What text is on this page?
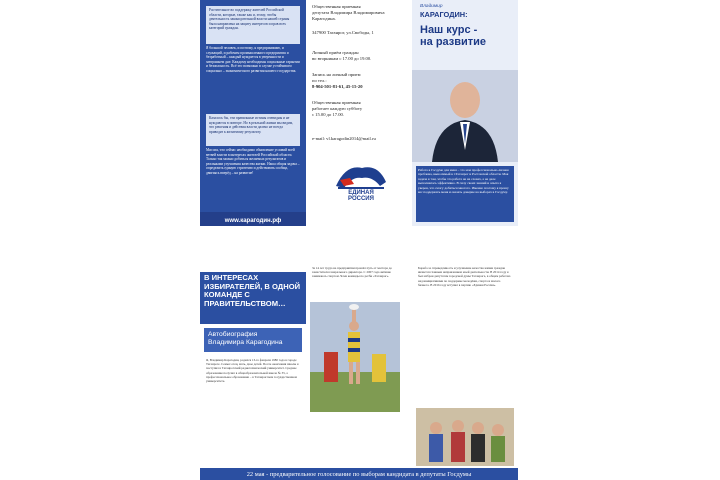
Растительное во поддержку жителей Российской области, которые, также как и, этому, чтобы деятельность законодательной власти нашей страны была направлена на защиту интересов и прав всех категорий граждан.
Я большой человек, и поэтому, я предпринимаю, и служащий, и рабочим промышленного предприятия и безработный – каждый нуждается в уверенности и завтрашнем дне. Каждому необходимы социальные гарантии и безопасность. Всё это возможно в случае устойчивого социально – экономического развития нашего государства.
Казалось бы, эти правильные истины очевидны и не нуждаются в повторе. Но в реальной жизни мы видим, что решения и действия власти далеко не всегда приводят к желаемому результату.
Миссия, что сейчас необходимо обновление условий всей ветвей власти в интересах жителей Российской области. Только так можно добиться желаемых результатов и реальными улучшения качества жизни. Наша общая задача – определить единую стратегию и действовать сообща, двигаясь вперёд – на развитие!
www.карагодин.рф
Общественная приемная
депутата Владимира Владимировича
Карагодина.
347900 Таганрог, ул.Свободы, 1
Личный приём граждан
во вторникам с 17.00 до 19.00.
Запись на личный прием
по тел.:
8-904-501-81-61, 45-15-20
Общественная приемная
работает каждую субботу
с 15.00 до 17.00.
e-mail: vl.karagodin2014@mail.ru
ЕДИНАЯ
РОССИЯ
Владимир
КАРАГОДИН:
Наш курс -
на развитие
Работа в Госдуме для меня – это моя профессионально-личная проблема, выносимый в г.Таганрог и Ростовской области. Моя задача в том, чтобы эта работа не на словах, а на деле выполнялась эффективно. В силу своих знаний и опыта я уверен, что смогу добиться многого. Именно поэтому я прошу вас поддержать меня и оказать доверие на выборах в Госдуму.
В ИНТЕРЕСАХ ИЗБИРАТЕЛЕЙ, В ОДНОЙ КОМАНДЕ С ПРАВИТЕЛЬСТВОМ…
Автобиография
Владимира Карагодина
Я, Владимир Карагодин, родился 13-го февраля 1980 года в городе Таганроге. Семья: отец, мать, двое детей. После окончания школы я поступил в Таганрогский радиотехнический университет. Среднее образование получил в общеобразовательной школе № 35, а профессиональное образование – в Таганрогском государственном университете.
За 14 лет труда на предприятии прошёл путь от мастера до заместителя генерального директора. С 2007 года активно занимаюсь спортом. Член команды по регби «Таганрог».
Борьба за справедливость и улучшение качества жизни граждан является главным направлением моей деятельности. В 2014 году я был избран депутатом городской думы Таганрога, в общем работаю над инициативами по поддержке молодёжи, спорта и малого бизнеса. В 2016 году вступил в партию «Единая Россия».
22 мая - предварительное голосование по выборам кандидата в депутаты Госдумы
